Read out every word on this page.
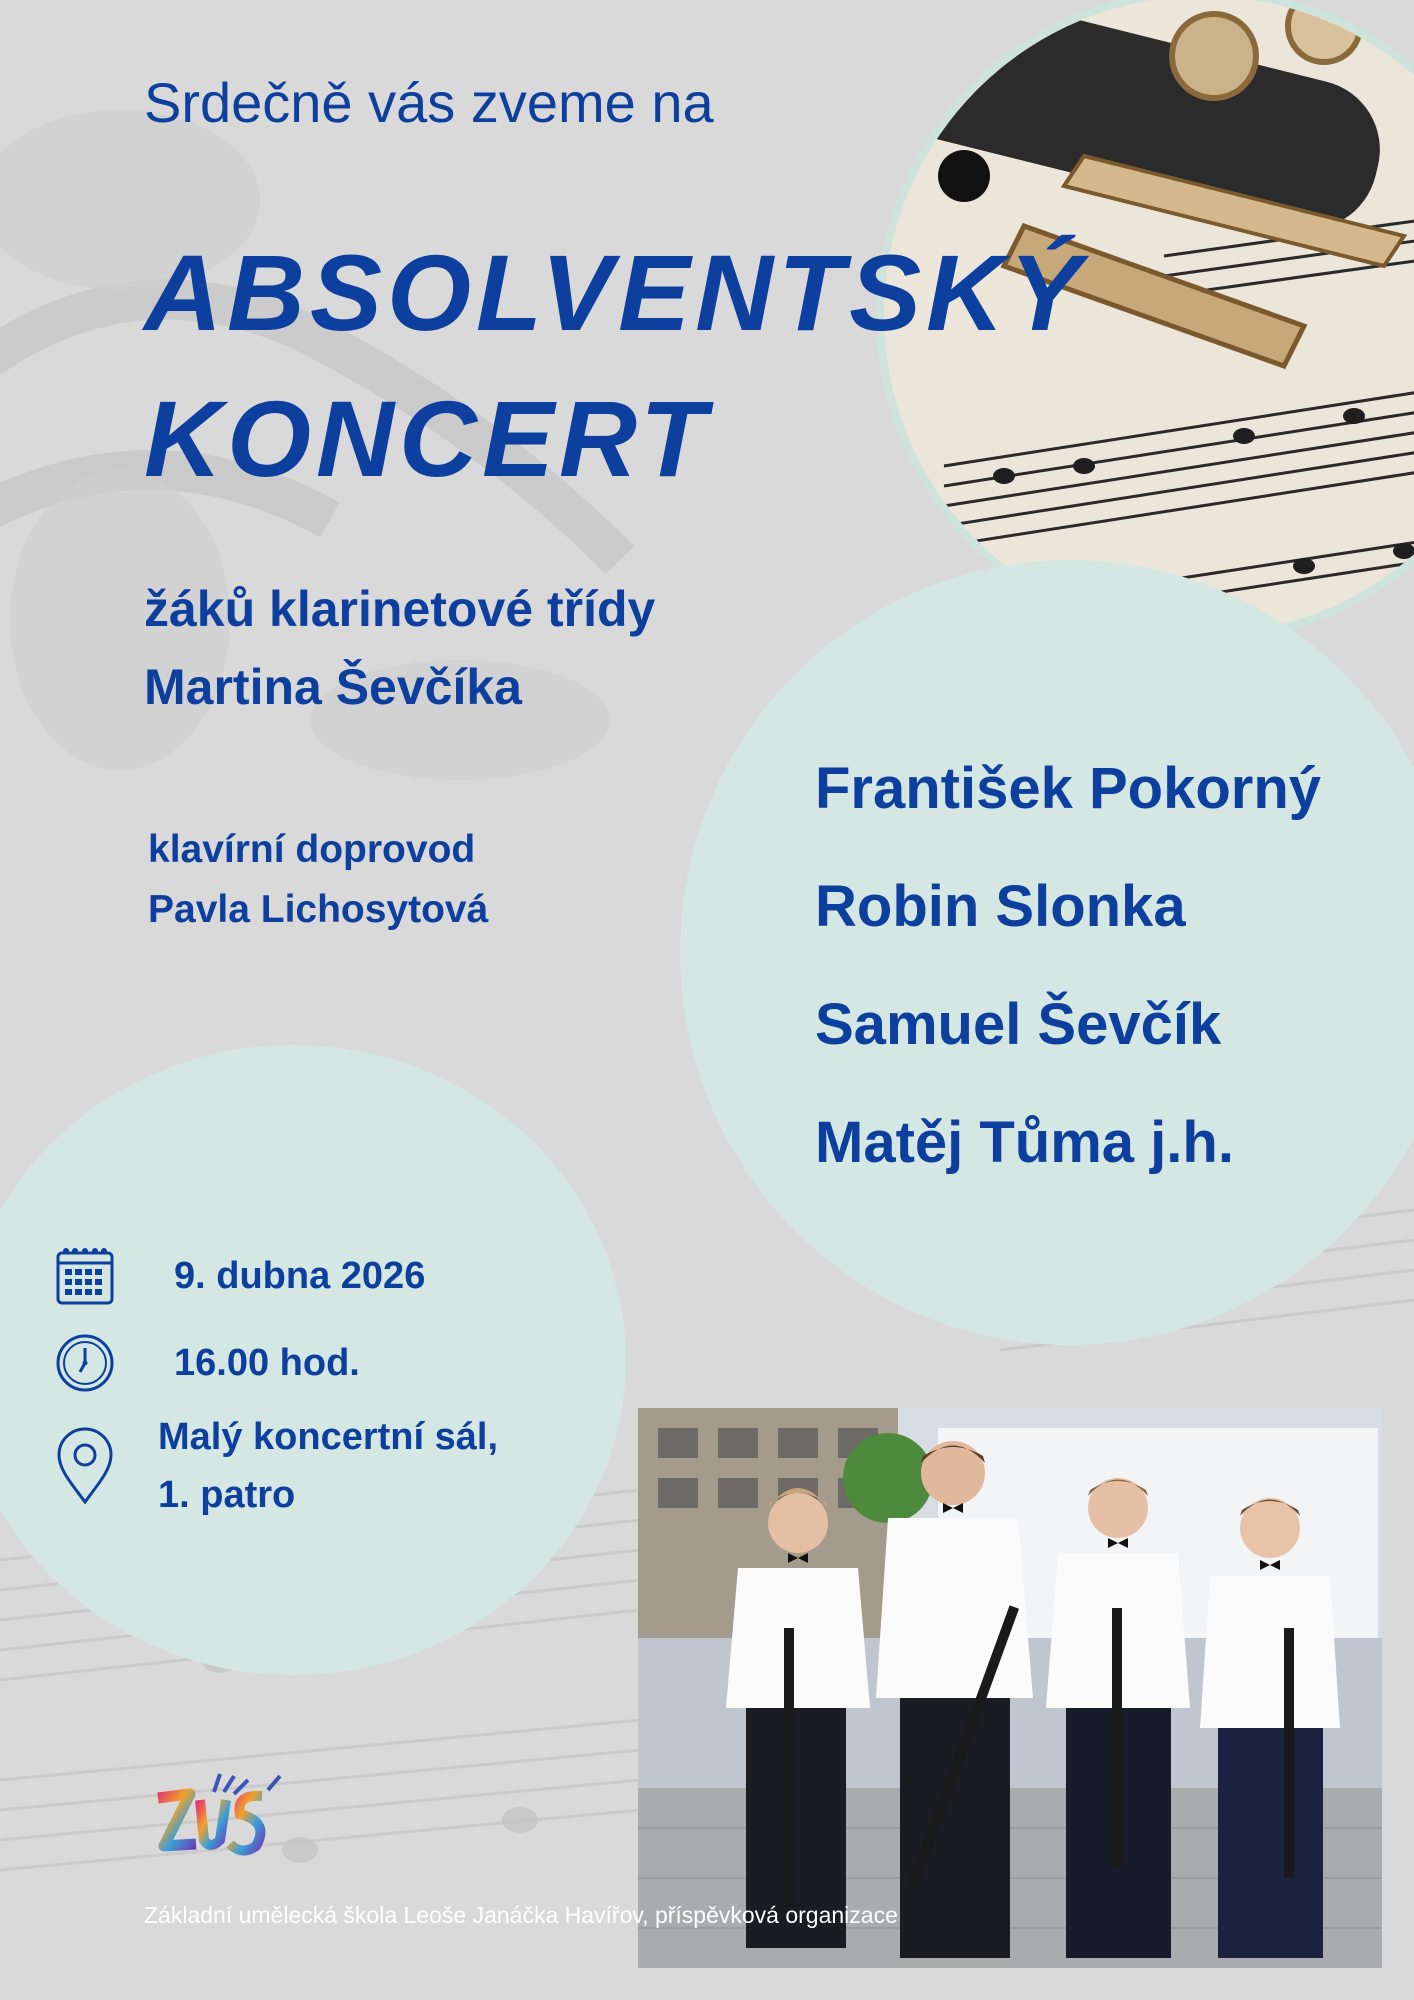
Srdečně vás zveme na
ABSOLVENTSKÝ
KONCERT
žáků klarinetové třídy
Martina Ševčíka
klavírní doprovod
Pavla Lichosytová
František Pokorný
Robin Slonka
Samuel Ševčík
Matěj Tůma j.h.
9. dubna 2026
16.00 hod.
Malý koncertní sál,
1. patro
Základní umělecká škola Leoše Janáčka Havířov, příspěvková organizace
